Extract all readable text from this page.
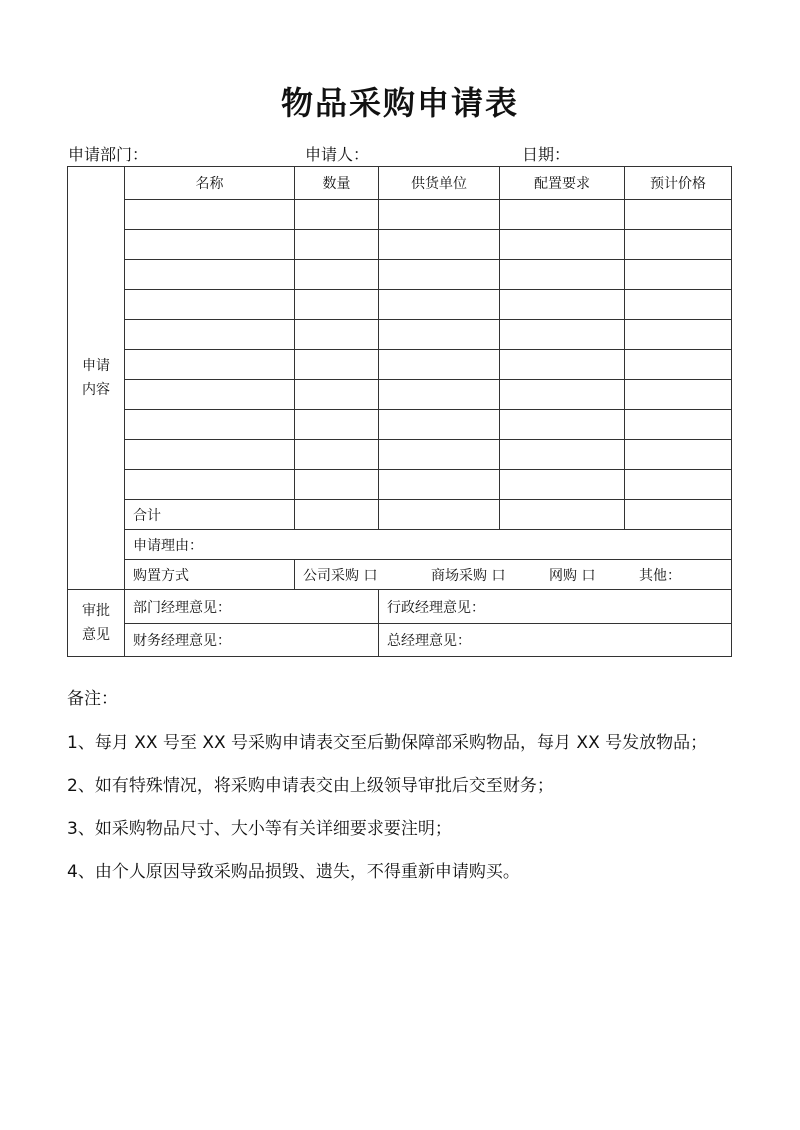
物品采购申请表
申请部门：	申请人：	日期：
申请
内容	名称	数量	供货单位	配置要求	预计价格

	合计				
	申请理由：				
	购置方式	公司采购 口 商场采购 口 网购 口 其他：			

审批
意见	部门经理意见：		行政经理意见：		
	财务经理意见：		总经理意见：		

备注：

1、每月 XX 号至 XX 号采购申请表交至后勤保障部采购物品，每月 XX 号发放物品；

2、如有特殊情况，将采购申请表交由上级领导审批后交至财务；

3、如采购物品尺寸、大小等有关详细要求要注明；

4、由个人原因导致采购品损毁、遗失，不得重新申请购买。
